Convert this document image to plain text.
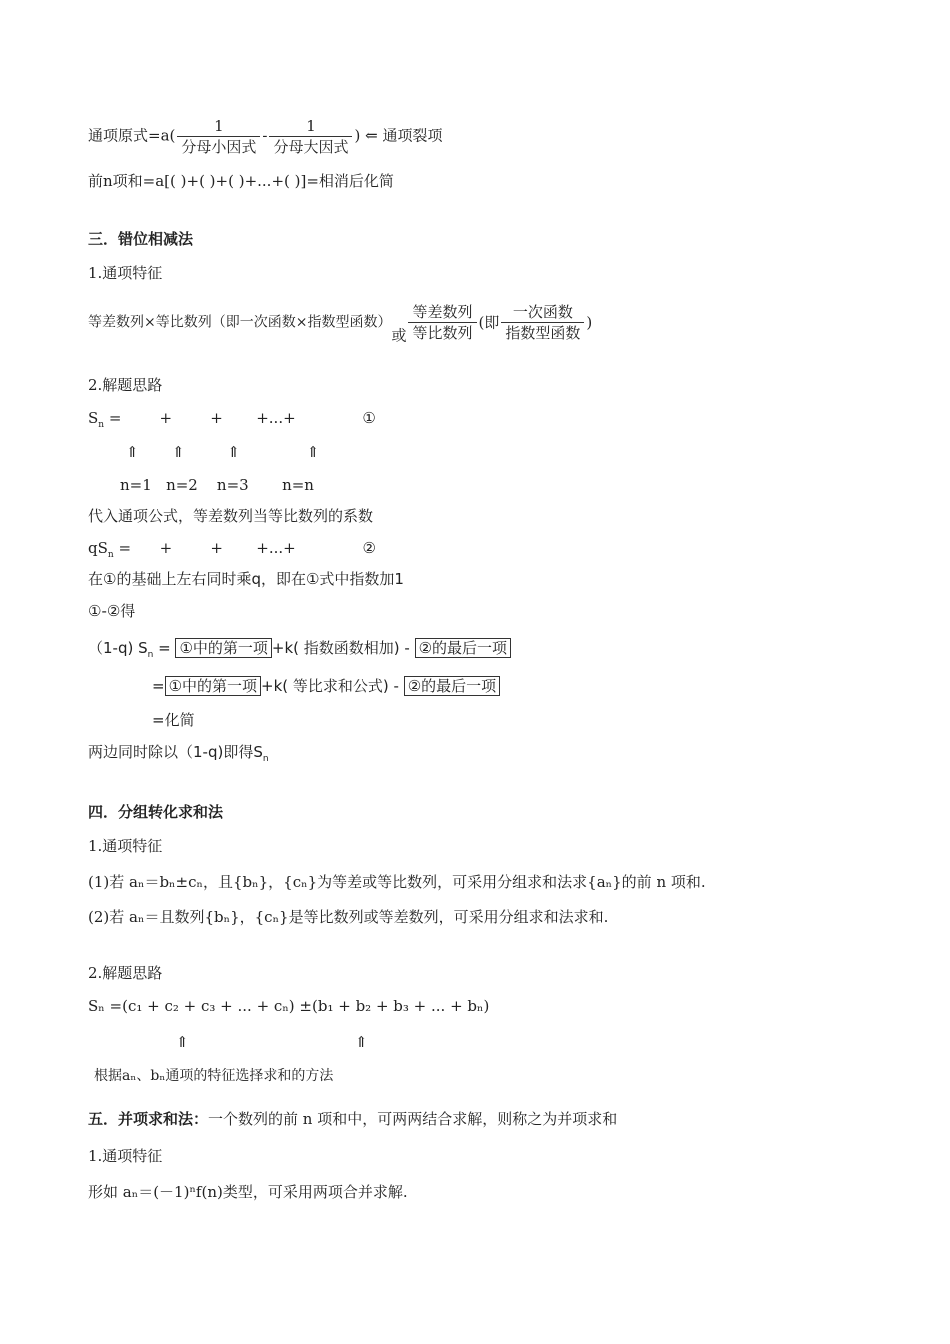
通项原式$=a( \frac{1}{\text{分母小因式}} - \frac{1}{\text{分母大因式}}$ ) ⇐ 通项裂项
前n项和=a[( )+( )+( )+...+( )]=相消后化简
三．错位相减法
1.通项特征
等差数列×等比数列（即一次函数×指数型函数）或 $\frac{\text{等差数列}}{\text{等比数列}}$ (即 $\frac{\text{一次函数}}{\text{指数型函数}}$ )
2.解题思路
$S_n$ =        +        +       +...+              ①
⇑       ⇑         ⇑              ⇑
n=1   n=2    n=3       n=n
代入通项公式，等差数列当等比数列的系数
$qS_n$ =      +        +       +...+              ②
在①的基础上左右同时乘q，即在①式中指数加1
①-②得
（1-q) $S_n$ = ①中的第一项 +k( 指数函数相加) - ②的最后一项
= ①中的第一项 +k( 等比求和公式) - ②的最后一项
=化简
两边同时除以（1-q)即得$S_n$
四．分组转化求和法
1.通项特征
(1)若 aₙ＝bₙ±cₙ，且{bₙ}，{cₙ}为等差或等比数列，可采用分组求和法求{aₙ}的前 n 项和.
(2)若 aₙ＝且数列{bₙ}，{cₙ}是等比数列或等差数列，可采用分组求和法求和.
2.解题思路
Sₙ =(c₁ + c₂ + c₃ + ... + cₙ) ±(b₁ + b₂ + b₃ + ... + bₙ)
⇑	⇑
根据aₙ、bₙ通项的特征选择求和的方法
五．并项求和法：一个数列的前 n 项和中，可两两结合求解，则称之为并项求和
1.通项特征
形如 aₙ＝(－1)ⁿf(n)类型，可采用两项合并求解.
